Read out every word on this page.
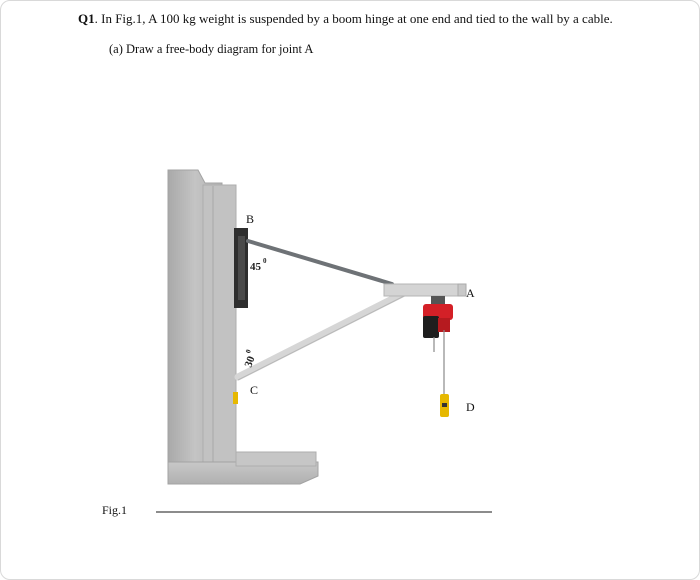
Q1. In Fig.1, A 100 kg weight is suspended by a boom hinge at one end and tied to the wall by a cable.
(a) Draw a free-body diagram for joint A
Fig.1
B
A
C
D
45 0
30
0
